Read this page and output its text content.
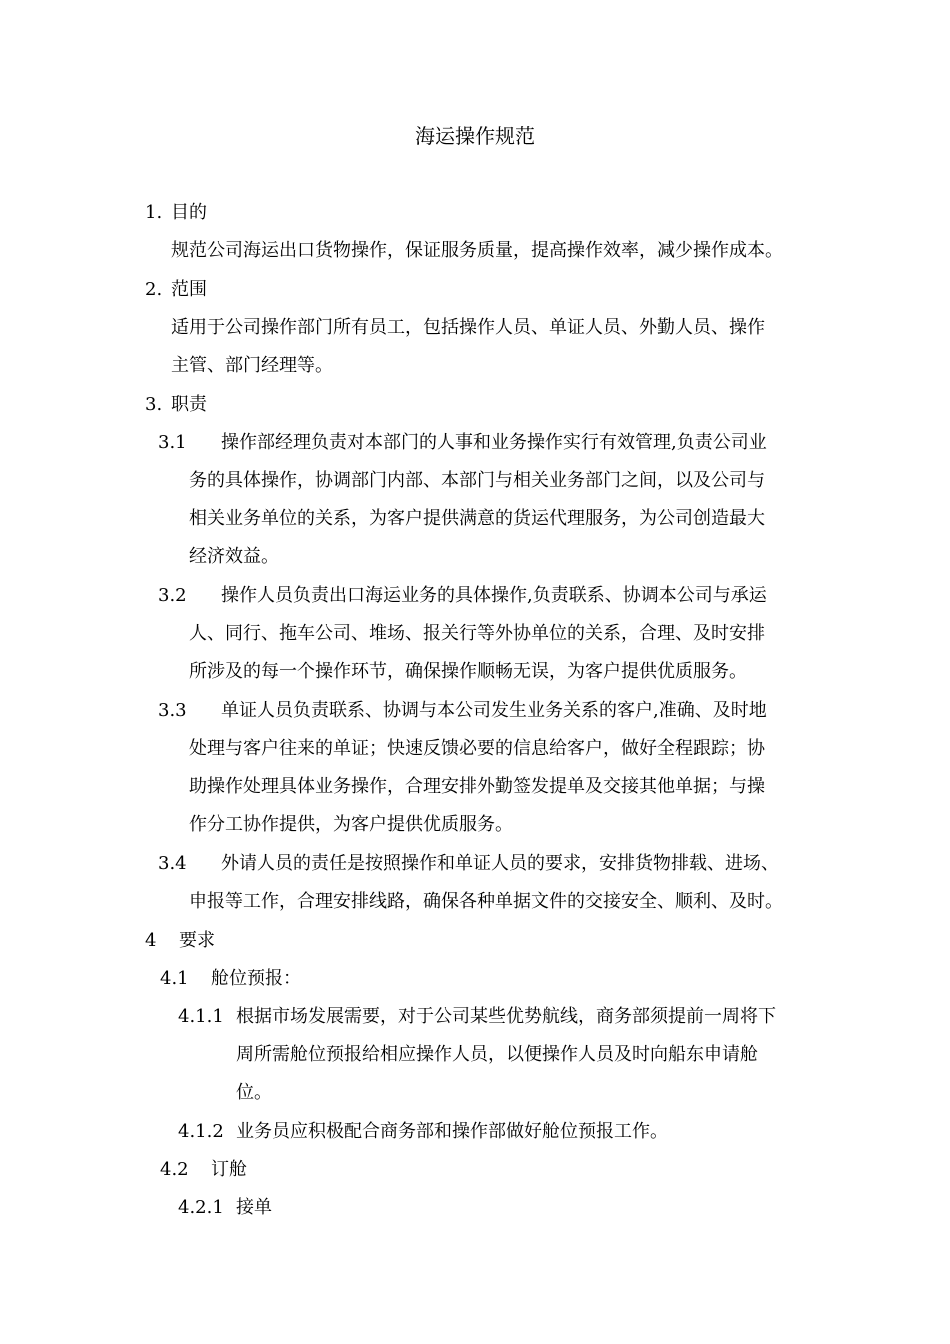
海运操作规范
1. 目的
规范公司海运出口货物操作，保证服务质量，提高操作效率，减少操作成本。
2. 范围
适用于公司操作部门所有员工，包括操作人员、单证人员、外勤人员、操作
主管、部门经理等。
3. 职责
3.1 操作部经理负责对本部门的人事和业务操作实行有效管理,负责公司业
务的具体操作，协调部门内部、本部门与相关业务部门之间，以及公司与
相关业务单位的关系，为客户提供满意的货运代理服务，为公司创造最大
经济效益。
3.2 操作人员负责出口海运业务的具体操作,负责联系、协调本公司与承运
人、同行、拖车公司、堆场、报关行等外协单位的关系，合理、及时安排
所涉及的每一个操作环节，确保操作顺畅无误，为客户提供优质服务。
3.3 单证人员负责联系、协调与本公司发生业务关系的客户,准确、及时地
处理与客户往来的单证；快速反馈必要的信息给客户，做好全程跟踪；协
助操作处理具体业务操作，合理安排外勤签发提单及交接其他单据；与操
作分工协作提供，为客户提供优质服务。
3.4 外请人员的责任是按照操作和单证人员的要求，安排货物排载、进场、
申报等工作，合理安排线路，确保各种单据文件的交接安全、顺利、及时。
4 要求
4.1 舱位预报：
4.1.1 根据市场发展需要，对于公司某些优势航线，商务部须提前一周将下
周所需舱位预报给相应操作人员，以便操作人员及时向船东申请舱
位。
4.1.2 业务员应积极配合商务部和操作部做好舱位预报工作。
4.2 订舱
4.2.1 接单
